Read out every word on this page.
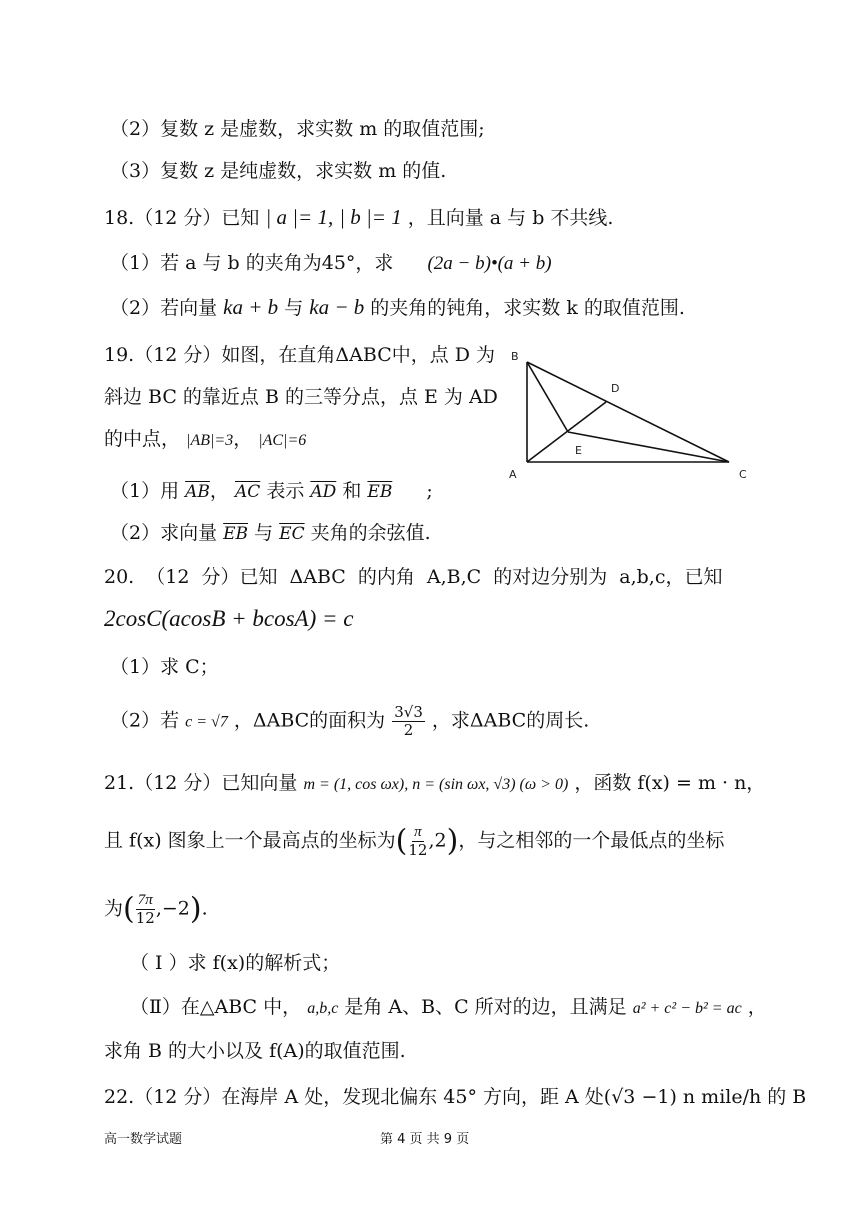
（2）复数 z 是虚数，求实数 m 的取值范围;
（3）复数 z 是纯虚数，求实数 m 的值.
18.（12 分）已知 | a |= 1, | b |= 1 ，且向量 a 与 b 不共线.
（1）若 a 与 b 的夹角为45°，求 (2a − b)•(a + b)
（2）若向量 ka + b 与 ka − b 的夹角的钝角，求实数 k 的取值范围.
19.（12 分）如图，在直角ΔABC中，点 D 为
斜边 BC 的靠近点 B 的三等分点，点 E 为 AD
的中点， |AB|=3， |AC|=6
B
D
E
A	C
（1）用 $\overline{AB}$， $\overline{AC}$ 表示 $\overline{AD}$ 和 $\overline{EB}$ ;
（2）求向量 $\overline{EB}$ 与 $\overline{EC}$ 夹角的余弦值.
20. （12 分）已知 ΔABC 的内角 A,B,C 的对边分别为 a,b,c，已知
2cosC(acosB + bcosA) = c
（1）求 C；
（2）若 c = √7 ，ΔABC的面积为 $\frac{3√3}{2}$ ，求ΔABC的周长.
21.（12 分）已知向量 m = (1, cos ωx), n = (sin ωx, √3) (ω > 0) ，函数 f(x) = m · n，
且 f(x) 图象上一个最高点的坐标为( $\frac{\pi}{12} ,2$)，与之相邻的一个最低点的坐标
为( $\frac{7\pi}{12} ,-2$).
（ Ⅰ ）求 f(x)的解析式；
（Ⅱ）在△ABC 中， a,b,c 是角 A、B、C 所对的边，且满足 a² + c² − b² = ac ，
求角 B 的大小以及 f(A)的取值范围.
22.（12 分）在海岸 A 处，发现北偏东 45° 方向，距 A 处(√3 −1) n mile/h 的 B
高一数学试题	第 4 页 共 9 页
